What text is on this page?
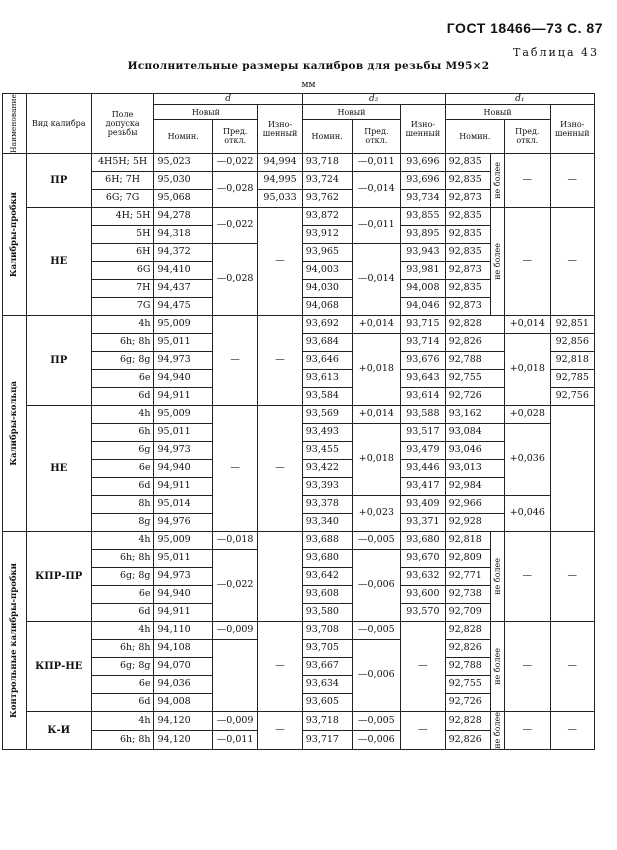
ГОСТ 18466—73 С. 87
Таблица 43
Исполнительные размеры калибров для резьбы М95×2
мм
Наименование	Вид калибра	Поле допуска резьбы	d			d₂			d₁			
			Новый		Изно-шенный	Новый		Изно-шенный	Новый			Изно-шенный
			Номин.	Пред. откл.		Номин.	Пред. откл.		Номин.		Пред. откл.	

Калибры-пробки	ПР	4H5H; 5H	95,023	—0,022	94,994	93,718	—0,011	93,696	92,835	не более	—	—
		6H; 7H	95,030	—0,028	94,995	93,724	—0,014	93,696	92,835			
		6G; 7G	95,068		95,033	93,762		93,734	92,873			
	НЕ	4H; 5H	94,278	—0,022	—	93,872	—0,011	93,855	92,835	не более	—	—
		5H	94,318			93,912		93,895	92,835			
		6H	94,372	—0,028		93,965	—0,014	93,943	92,835			
		6G	94,410			94,003		93,981	92,873			
		7H	94,437			94,030		94,008	92,835			
		7G	94,475			94,068		94,046	92,873			

Калибры-кольца	ПР	4h	95,009	—	—	93,692	+0,014	93,715	92,828		+0,014	92,851
		6h; 8h	95,011			93,684	+0,018	93,714	92,826		+0,018	92,856
		6g; 8g	94,973			93,646		93,676	92,788			92,818
		6e	94,940			93,613		93,643	92,755			92,785
		6d	94,911			93,584		93,614	92,726			92,756
	НЕ	4h	95,009	—	—	93,569	+0,014	93,588	93,162		+0,028	
		6h	95,011			93,493	+0,018	93,517	93,084		+0,036	
		6g	94,973			93,455		93,479	93,046			
		6e	94,940			93,422		93,446	93,013			
		6d	94,911			93,393		93,417	92,984			
		8h	95,014			93,378	+0,023	93,409	92,966		+0,046	
		8g	94,976			93,340		93,371	92,928			

Контрольные калибры-пробки	КПР-ПР	4h	95,009	—0,018		93,688	—0,005	93,680	92,818	не более	—	—
		6h; 8h	95,011	—0,022		93,680	—0,006	93,670	92,809			
		6g; 8g	94,973			93,642		93,632	92,771			
		6e	94,940			93,608		93,600	92,738			
		6d	94,911			93,580		93,570	92,709			
	КПР-НЕ	4h	94,110	—0,009	—	93,708	—0,005	—	92,828	не более	—	—
		6h; 8h	94,108			93,705	—0,006		92,826			
		6g; 8g	94,070			93,667			92,788			
		6e	94,036			93,634			92,755			
		6d	94,008			93,605			92,726			
	К-И	4h	94,120	—0,009	—	93,718	—0,005	—	92,828	не более	—	—
		6h; 8h	94,120	—0,011		93,717	—0,006		92,826			
